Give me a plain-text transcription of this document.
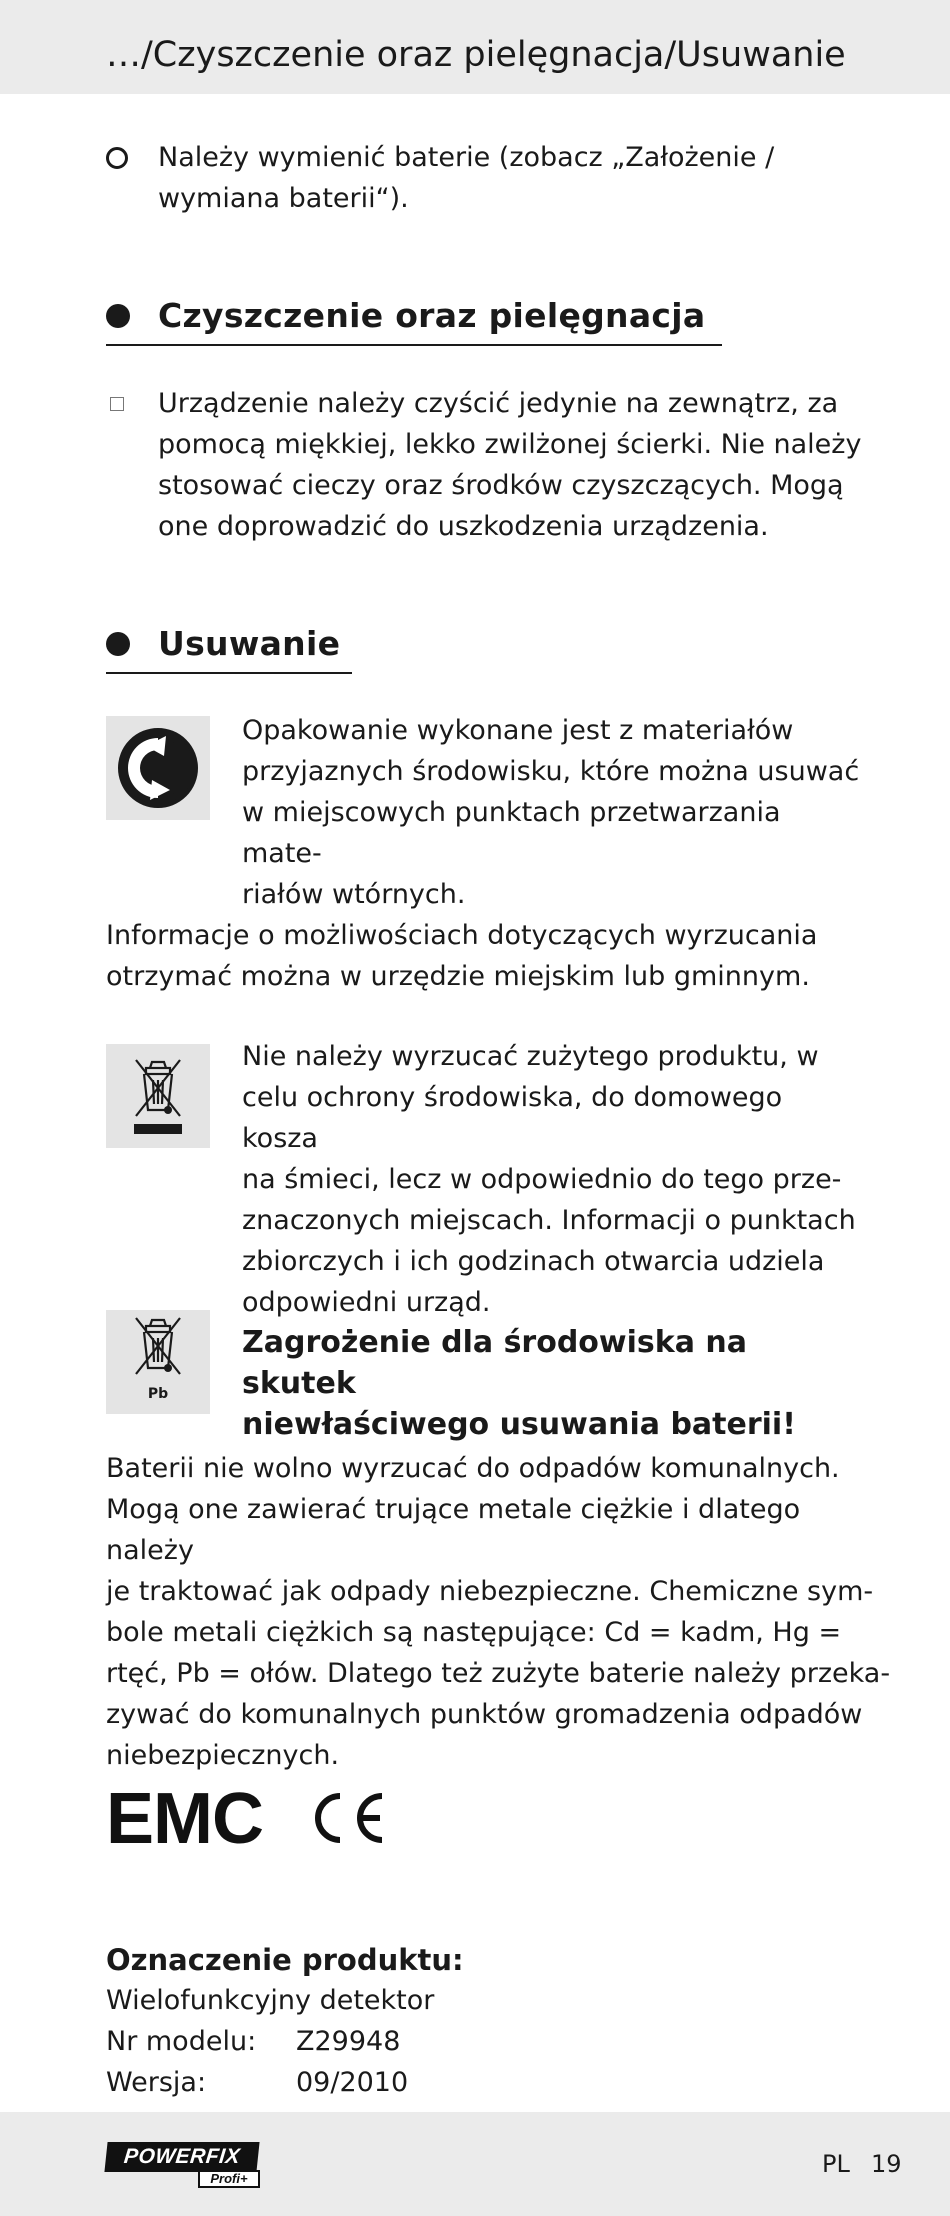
…/Czyszczenie oraz pielęgnacja/Usuwanie
Należy wymienić baterie (zobacz „Założenie /
wymiana baterii“).
Czyszczenie oraz pielęgnacja
Urządzenie należy czyścić jedynie na zewnątrz, za
pomocą miękkiej, lekko zwilżonej ścierki. Nie należy
stosować cieczy oraz środków czyszczących. Mogą
one doprowadzić do uszkodzenia urządzenia.
Usuwanie
Opakowanie wykonane jest z materiałów
przyjaznych środowisku, które można usuwać
w miejscowych punktach przetwarzania mate-
riałów wtórnych.
Informacje o możliwościach dotyczących wyrzucania
otrzymać można w urzędzie miejskim lub gminnym.
Nie należy wyrzucać zużytego produktu, w
celu ochrony środowiska, do domowego kosza
na śmieci, lecz w odpowiednio do tego prze-
znaczonych miejscach. Informacji o punktach
zbiorczych i ich godzinach otwarcia udziela
odpowiedni urząd.
Pb
Zagrożenie dla środowiska na skutek
niewłaściwego usuwania baterii!
Baterii nie wolno wyrzucać do odpadów komunalnych.
Mogą one zawierać trujące metale ciężkie i dlatego należy
je traktować jak odpady niebezpieczne. Chemiczne sym-
bole metali ciężkich są następujące: Cd = kadm, Hg =
rtęć, Pb = ołów. Dlatego też zużyte baterie należy przeka-
zywać do komunalnych punktów gromadzenia odpadów
niebezpiecznych.
EMC
Oznaczenie produktu:
Wielofunkcyjny detektor
Nr modelu: Z29948
Wersja:	09/2010
POWERFIX
Profi+
PL 19
